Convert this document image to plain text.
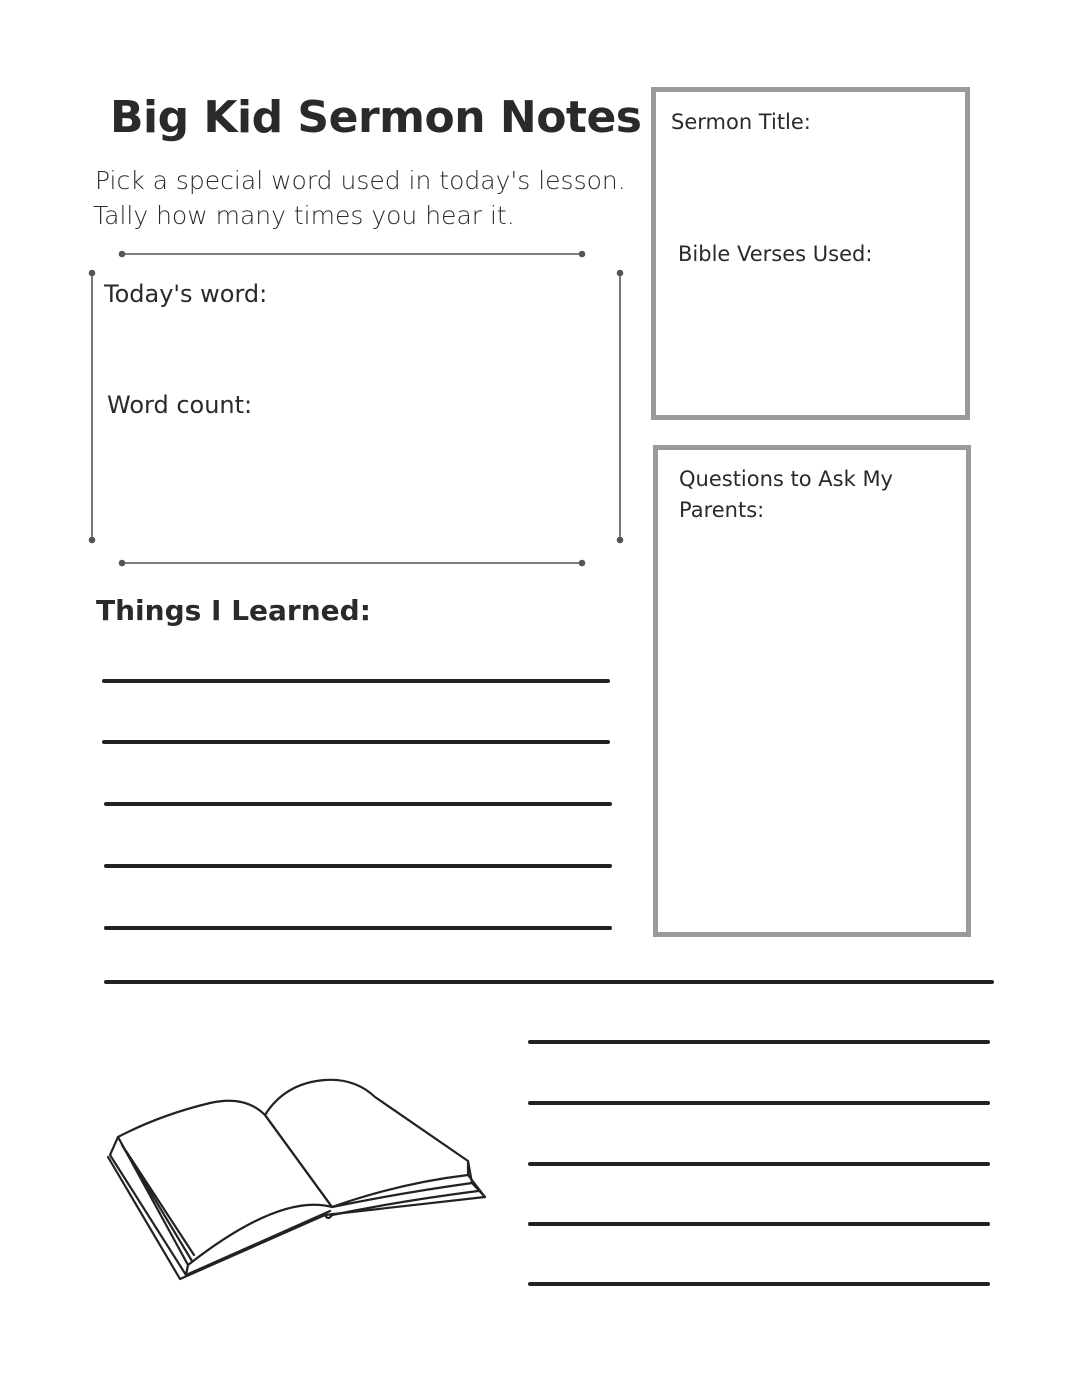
Big Kid Sermon Notes
Pick a special word used in today's lesson.
Tally how many times you hear it.
Today's word:
Word count:
Things I Learned:
Sermon Title:
Bible Verses Used:
Questions to Ask My
Parents:
